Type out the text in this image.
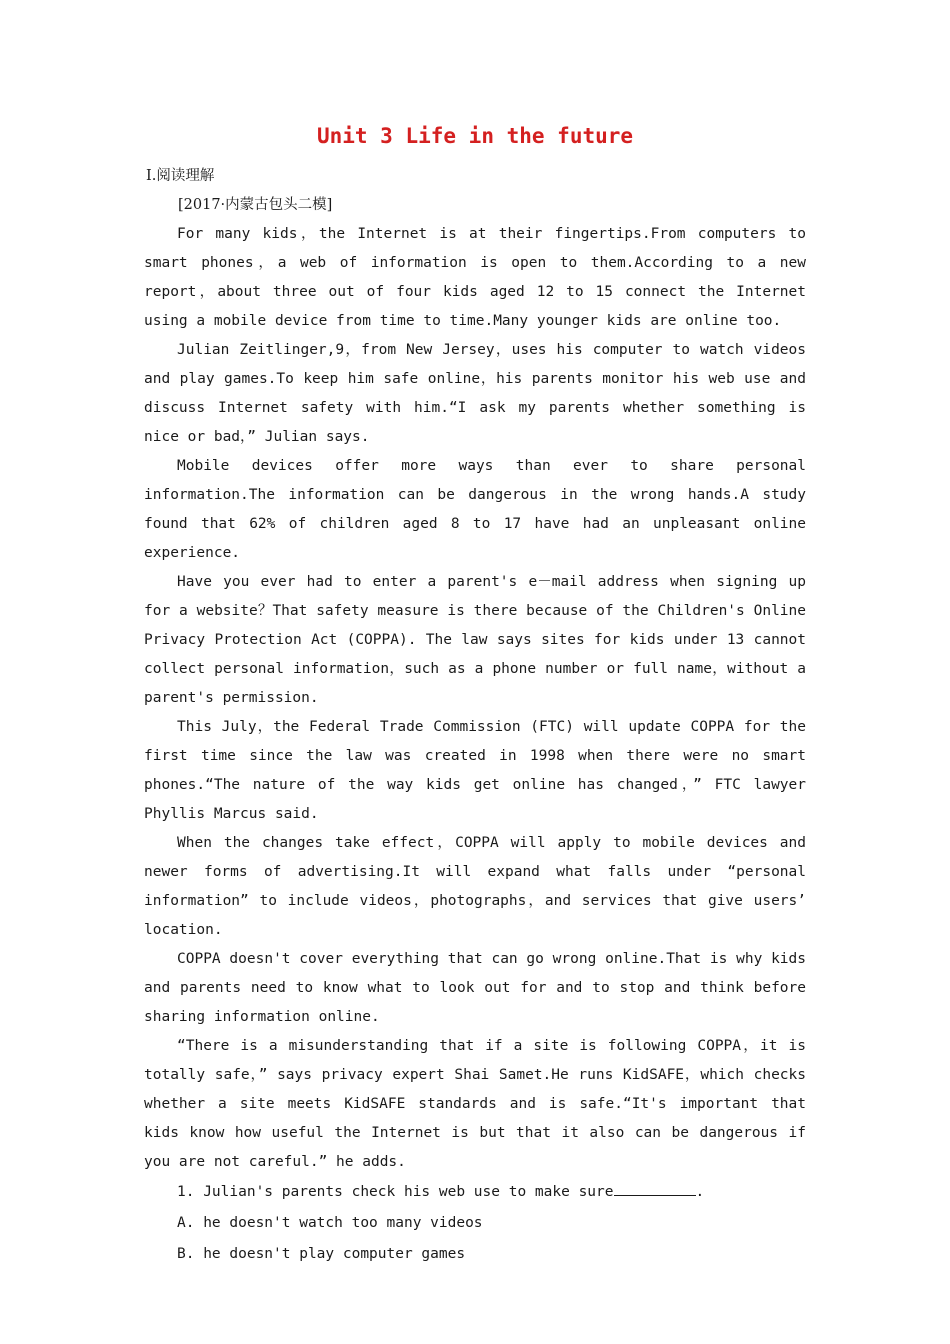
Unit 3 Life in the future
Ⅰ.阅读理解
[2017·内蒙古包头二模]

For many kids，the Internet is at their fingertips.From computers to smart phones，a web of information is open to them.According to a new report，about three out of four kids aged 12 to 15 connect the Internet using a mobile device from time to time.Many younger kids are online too.

Julian Zeitlinger,9，from New Jersey，uses his computer to watch videos and play games.To keep him safe online，his parents monitor his web use and discuss Internet safety with him.“I ask my parents whether something is nice or bad，” Julian says.

Mobile devices offer more ways than ever to share personal information.The information can be dangerous in the wrong hands.A study found that 62% of children aged 8 to 17 have had an unpleasant online experience.

Have you ever had to enter a parent's e－mail address when signing up for a website？That safety measure is there because of the Children's Online Privacy Protection Act (COPPA). The law says sites for kids under 13 cannot collect personal information，such as a phone number or full name，without a parent's permission.

This July，the Federal Trade Commission (FTC) will update COPPA for the first time since the law was created in 1998 when there were no smart phones.“The nature of the way kids get online has changed，” FTC lawyer Phyllis Marcus said.

When the changes take effect，COPPA will apply to mobile devices and newer forms of advertising.It will expand what falls under “personal information” to include videos，photographs，and services that give users’ location.

COPPA doesn't cover everything that can go wrong online.That is why kids and parents need to know what to look out for and to stop and think before sharing information online.

“There is a misunderstanding that if a site is following COPPA，it is totally safe，” says privacy expert Shai Samet.He runs KidSAFE，which checks whether a site meets KidSAFE standards and is safe.“It's important that kids know how useful the Internet is but that it also can be dangerous if you are not careful.” he adds.

1. Julian's parents check his web use to make sure	.
A. he doesn't watch too many videos
B. he doesn't play computer games
